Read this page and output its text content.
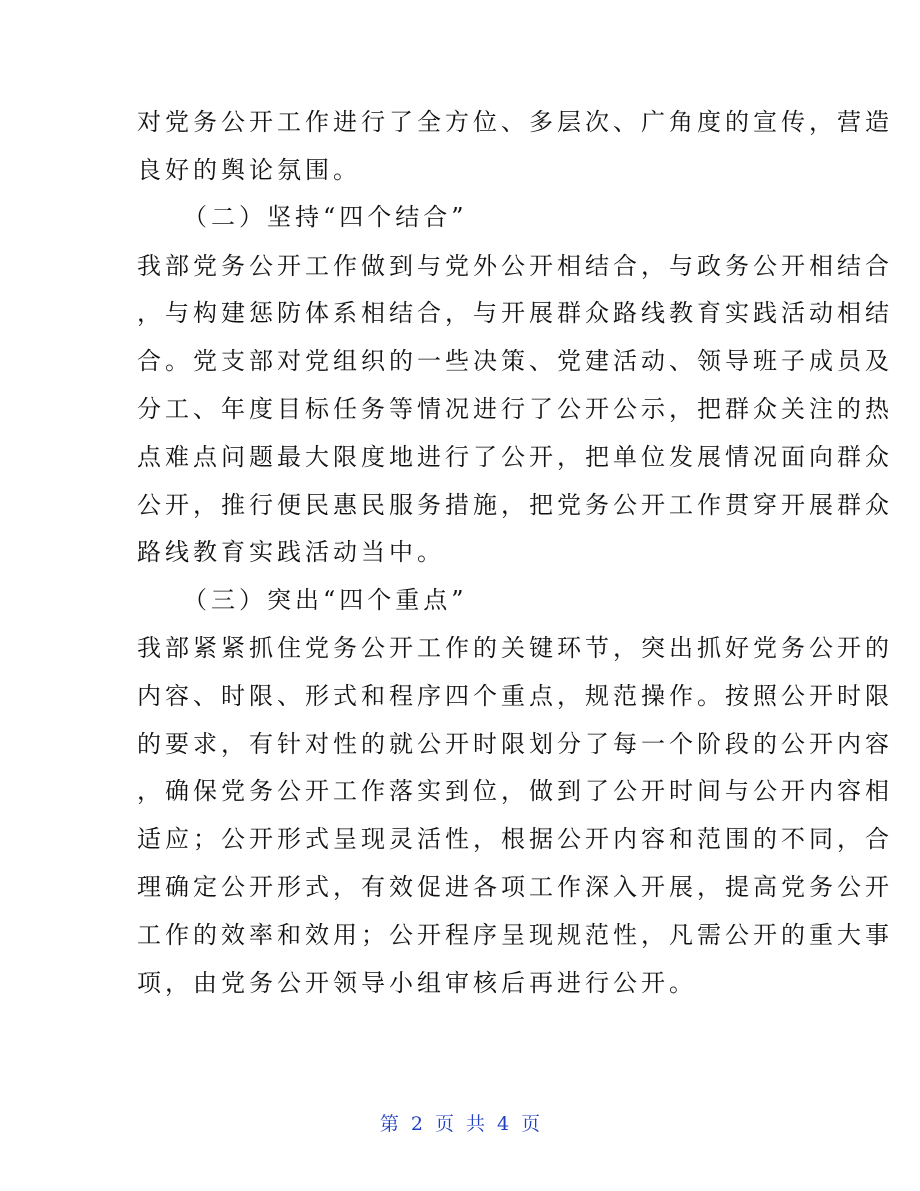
对党务公开工作进行了全方位、多层次、广角度的宣传，营造
良好的舆论氛围。
（二）坚持“四个结合”
我部党务公开工作做到与党外公开相结合，与政务公开相结合
，与构建惩防体系相结合，与开展群众路线教育实践活动相结
合。党支部对党组织的一些决策、党建活动、领导班子成员及
分工、年度目标任务等情况进行了公开公示，把群众关注的热
点难点问题最大限度地进行了公开，把单位发展情况面向群众
公开，推行便民惠民服务措施，把党务公开工作贯穿开展群众
路线教育实践活动当中。
（三）突出“四个重点”
我部紧紧抓住党务公开工作的关键环节，突出抓好党务公开的
内容、时限、形式和程序四个重点，规范操作。按照公开时限
的要求，有针对性的就公开时限划分了每一个阶段的公开内容
，确保党务公开工作落实到位，做到了公开时间与公开内容相
适应；公开形式呈现灵活性，根据公开内容和范围的不同，合
理确定公开形式，有效促进各项工作深入开展，提高党务公开
工作的效率和效用；公开程序呈现规范性，凡需公开的重大事
项，由党务公开领导小组审核后再进行公开。
第 2 页 共 4 页
